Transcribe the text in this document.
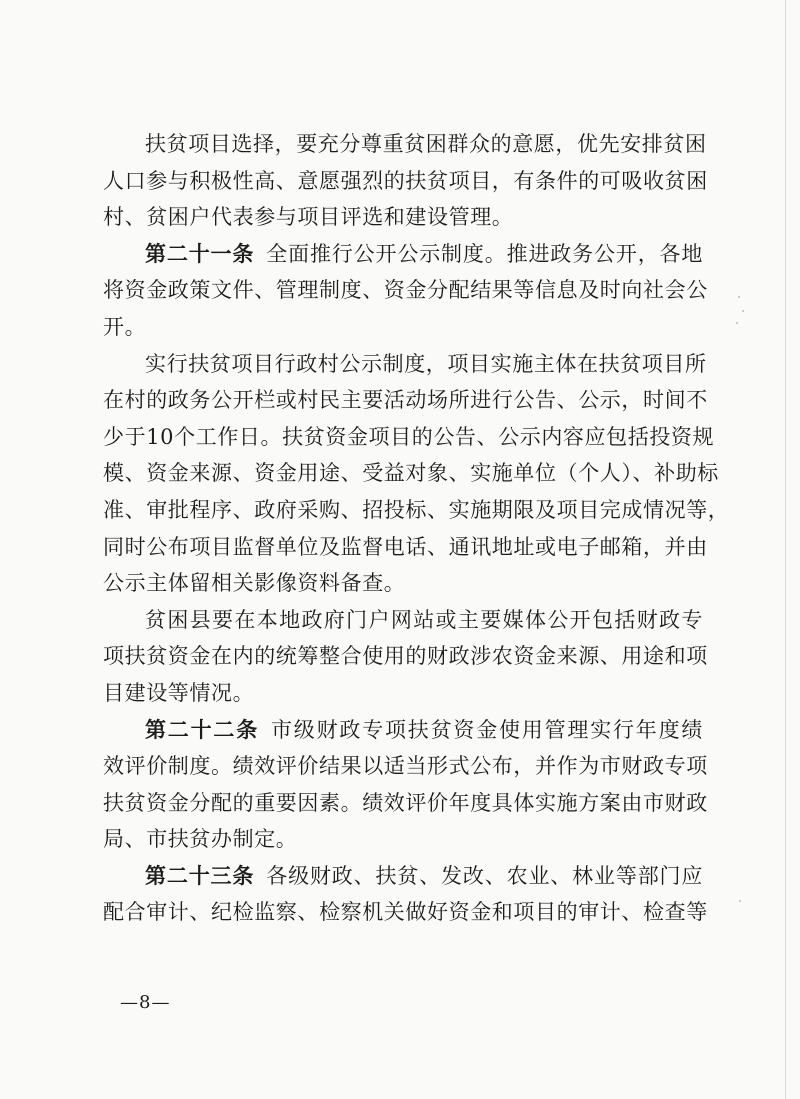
扶贫项目选择，要充分尊重贫困群众的意愿，优先安排贫困
人口参与积极性高、意愿强烈的扶贫项目，有条件的可吸收贫困
村、贫困户代表参与项目评选和建设管理。
第二十一条 全面推行公开公示制度。推进政务公开，各地
将资金政策文件、管理制度、资金分配结果等信息及时向社会公
开。
实行扶贫项目行政村公示制度，项目实施主体在扶贫项目所
在村的政务公开栏或村民主要活动场所进行公告、公示，时间不
少于10个工作日。扶贫资金项目的公告、公示内容应包括投资规
模、资金来源、资金用途、受益对象、实施单位（个人）、补助标
准、审批程序、政府采购、招投标、实施期限及项目完成情况等，
同时公布项目监督单位及监督电话、通讯地址或电子邮箱，并由
公示主体留相关影像资料备查。
贫困县要在本地政府门户网站或主要媒体公开包括财政专
项扶贫资金在内的统筹整合使用的财政涉农资金来源、用途和项
目建设等情况。
第二十二条 市级财政专项扶贫资金使用管理实行年度绩
效评价制度。绩效评价结果以适当形式公布，并作为市财政专项
扶贫资金分配的重要因素。绩效评价年度具体实施方案由市财政
局、市扶贫办制定。
第二十三条 各级财政、扶贫、发改、农业、林业等部门应
配合审计、纪检监察、检察机关做好资金和项目的审计、检查等
—8—
